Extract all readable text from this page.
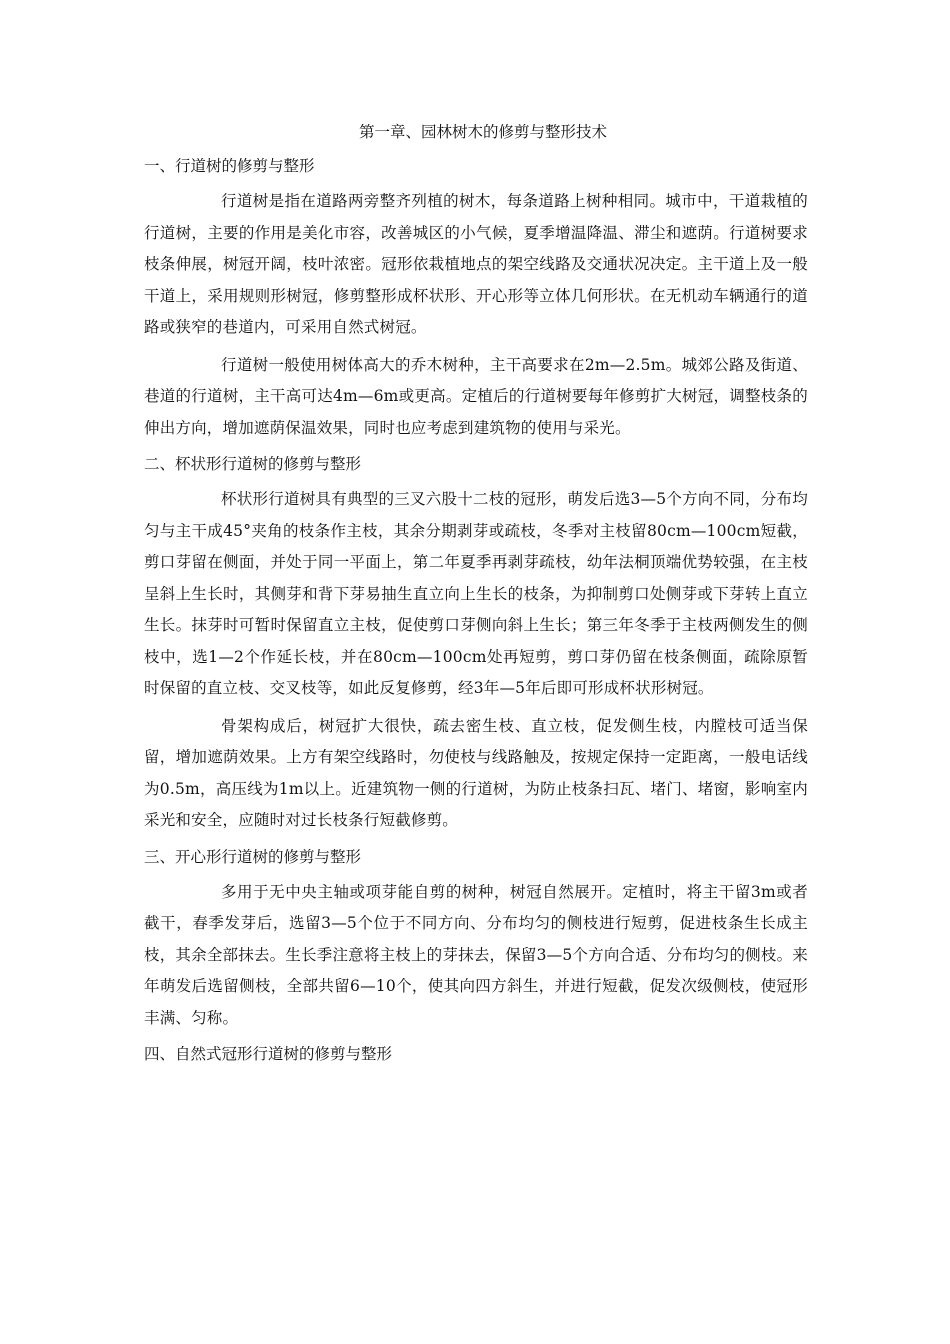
第一章、园林树木的修剪与整形技术
一、行道树的修剪与整形

行道树是指在道路两旁整齐列植的树木，每条道路上树种相同。城市中，干道栽植的行道树，主要的作用是美化市容，改善城区的小气候，夏季增温降温、滞尘和遮荫。行道树要求枝条伸展，树冠开阔，枝叶浓密。冠形依栽植地点的架空线路及交通状况决定。主干道上及一般干道上，采用规则形树冠，修剪整形成杯状形、开心形等立体几何形状。在无机动车辆通行的道路或狭窄的巷道内，可采用自然式树冠。

行道树一般使用树体高大的乔木树种，主干高要求在2m—2.5m。城郊公路及街道、巷道的行道树，主干高可达4m—6m或更高。定植后的行道树要每年修剪扩大树冠，调整枝条的伸出方向，增加遮荫保温效果，同时也应考虑到建筑物的使用与采光。

二、杯状形行道树的修剪与整形

杯状形行道树具有典型的三叉六股十二枝的冠形，萌发后选3—5个方向不同，分布均匀与主干成45°夹角的枝条作主枝，其余分期剥芽或疏枝，冬季对主枝留80cm—100cm短截，剪口芽留在侧面，并处于同一平面上，第二年夏季再剥芽疏枝，幼年法桐顶端优势较强，在主枝呈斜上生长时，其侧芽和背下芽易抽生直立向上生长的枝条，为抑制剪口处侧芽或下芽转上直立生长。抹芽时可暂时保留直立主枝，促使剪口芽侧向斜上生长；第三年冬季于主枝两侧发生的侧枝中，选1—2个作延长枝，并在80cm—100cm处再短剪，剪口芽仍留在枝条侧面，疏除原暂时保留的直立枝、交叉枝等，如此反复修剪，经3年—5年后即可形成杯状形树冠。

骨架构成后，树冠扩大很快，疏去密生枝、直立枝，促发侧生枝，内膛枝可适当保留，增加遮荫效果。上方有架空线路时，勿使枝与线路触及，按规定保持一定距离，一般电话线为0.5m，高压线为1m以上。近建筑物一侧的行道树，为防止枝条扫瓦、堵门、堵窗，影响室内采光和安全，应随时对过长枝条行短截修剪。

三、开心形行道树的修剪与整形

多用于无中央主轴或项芽能自剪的树种，树冠自然展开。定植时，将主干留3m或者截干，春季发芽后，选留3—5个位于不同方向、分布均匀的侧枝进行短剪，促进枝条生长成主枝，其余全部抹去。生长季注意将主枝上的芽抹去，保留3—5个方向合适、分布均匀的侧枝。来年萌发后选留侧枝，全部共留6—10个，使其向四方斜生，并进行短截，促发次级侧枝，使冠形丰满、匀称。

四、自然式冠形行道树的修剪与整形
